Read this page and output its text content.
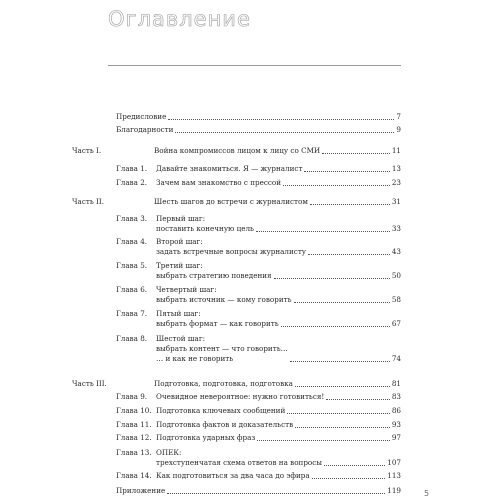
Оглавление
Предисловие	7
Благодарности	9
Часть I.	Война компромиссов лицом к лицу со СМИ	11
Глава 1.	Давайте знакомиться. Я — журналист	13
Глава 2.	Зачем вам знакомство с прессой	23
Часть II.	Шесть шагов до встречи с журналистом	31
Глава 3.	Первый шаг:
поставить конечную цель	33
Глава 4.	Второй шаг:
задать встречные вопросы журналисту	43
Глава 5.	Третий шаг:
выбрать стратегию поведения	50
Глава 6.	Четвертый шаг:
выбрать источник — кому говорить	58
Глава 7.	Пятый шаг:
выбрать формат — как говорить	67
Глава 8.	Шестой шаг:
выбрать контент — что говорить…
… и как не говорить	74
Часть III.	Подготовка, подготовка, подготовка	81
Глава 9.	Очевидное невероятное: нужно готовиться!	83
Глава 10. Подготовка ключевых сообщений	86
Глава 11. Подготовка фактов и доказательств	93
Глава 12. Подготовка ударных фраз	97
Глава 13. ОПЕК:
трехступенчатая схема ответов на вопросы	107
Глава 14. Как подготовиться за два часа до эфира	113
Приложение	119	5
